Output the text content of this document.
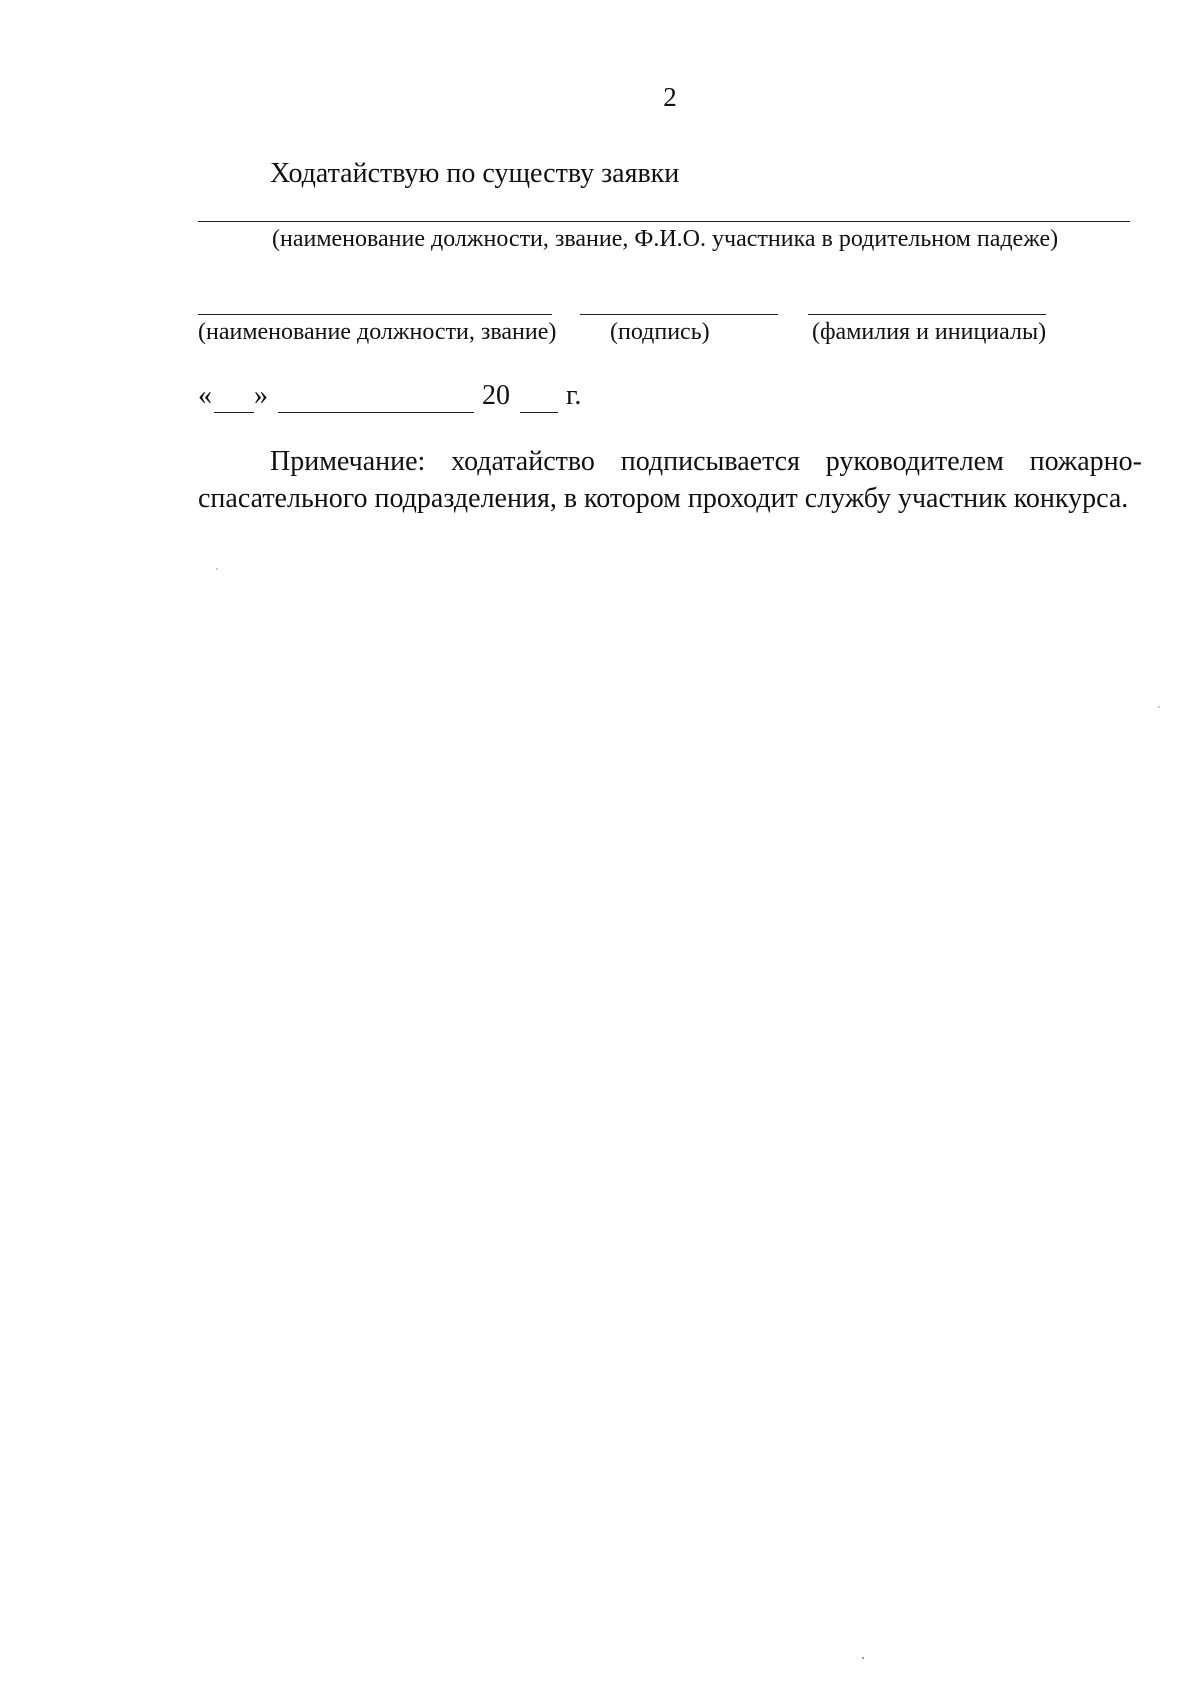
2
Ходатайствую по существу заявки
(наименование должности, звание, Ф.И.О. участника в родительном падеже)
(наименование должности, звание) (подпись)	(фамилия и инициалы)
« »	20 г.
Примечание: ходатайство подписывается руководителем пожарно-спасательного подразделения, в котором проходит службу участник конкурса.
